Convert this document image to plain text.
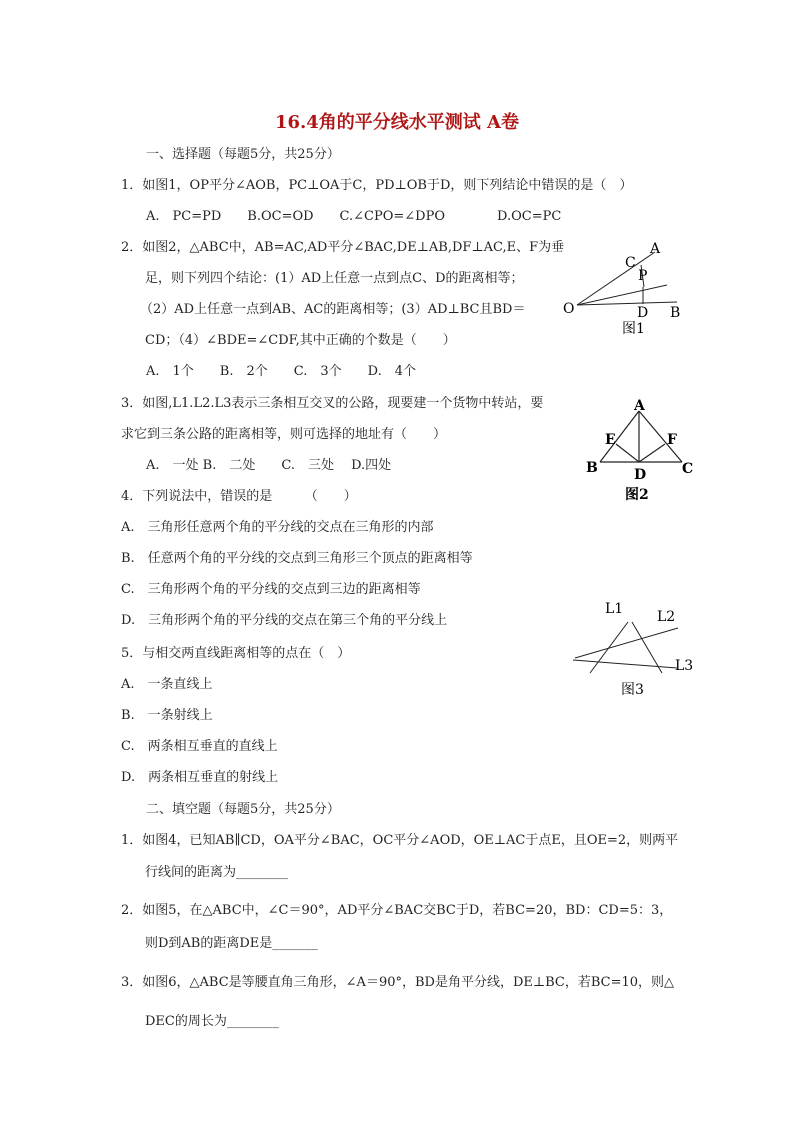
16.4角的平分线水平测试 A卷
一、选择题（每题5分，共25分）
1．如图1，OP平分∠AOB，PC⊥OA于C，PD⊥OB于D，则下列结论中错误的是（　）
A.　PC=PD　　B.OC=OD　　C.∠CPO=∠DPO　　　　D.OC=PC
2．如图2，△ABC中，AB=AC,AD平分∠BAC,DE⊥AB,DF⊥AC,E、F为垂
足，则下列四个结论：(1）AD上任意一点到点C、D的距离相等；
（2）AD上任意一点到AB、AC的距离相等；(3）AD⊥BC且BD＝
CD；（4）∠BDE=∠CDF,其中正确的个数是（　　）
A.　1个　　B.　2个　　C.　3个　　D.　4个
3．如图,L1.L2.L3表示三条相互交叉的公路，现要建一个货物中转站，要
求它到三条公路的距离相等，则可选择的地址有（　　）
A.　一处 B.　二处　　C.　三处　 D.四处
4．下列说法中，错误的是　　　（　　）
A.　三角形任意两个角的平分线的交点在三角形的内部
B.　任意两个角的平分线的交点到三角形三个顶点的距离相等
C.　三角形两个角的平分线的交点到三边的距离相等
D.　三角形两个角的平分线的交点在第三个角的平分线上
5．与相交两直线距离相等的点在（　）
A.　一条直线上
B.　一条射线上
C.　两条相互垂直的直线上
D.　两条相互垂直的射线上
二、填空题（每题5分，共25分）
1．如图4，已知AB∥CD，OA平分∠BAC，OC平分∠AOD，OE⊥AC于点E，且OE=2，则两平
行线间的距离为________
2．如图5，在△ABC中，∠C＝90°，AD平分∠BAC交BC于D，若BC=20，BD：CD=5：3，
则D到AB的距离DE是_______
3．如图6，△ABC是等腰直角三角形，∠A＝90°，BD是角平分线，DE⊥BC，若BC=10，则△
DEC的周长为________
A
C
P
O	D B
图1
A
E	F
B	D	C
图2
L1 L2
L3
图3
